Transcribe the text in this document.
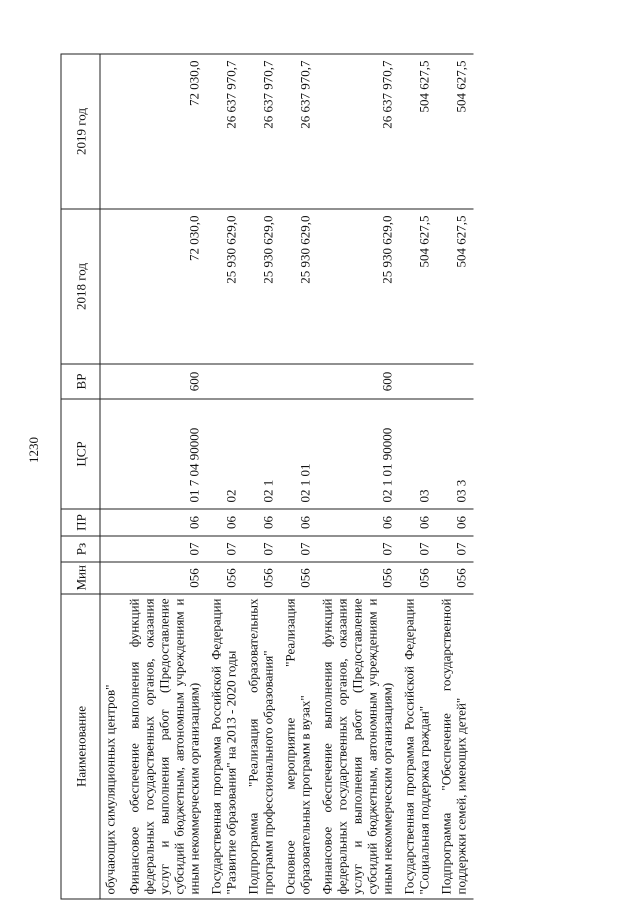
1230
Наименование	Мин	Рз	ПР	ЦСР	ВР	2018 год	2019 год
обучающих симуляционных центров"							
Финансовое обеспечение выполнения функций федеральных государственных органов, оказания услуг и выполнения работ (Предоставление субсидий бюджетным, автономным учреждениям и иным некоммерческим организациям)	056	07	06	01 7 04 90000	600	72 030,0	72 030,0
Государственная программа Российской Федерации "Развитие образования" на 2013 - 2020 годы	056	07	06	02		25 930 629,0	26 637 970,7
Подпрограмма "Реализация образовательных программ профессионального образования"	056	07	06	02 1		25 930 629,0	26 637 970,7
Основное мероприятие "Реализация образовательных программ в вузах"	056	07	06	02 1 01		25 930 629,0	26 637 970,7
Финансовое обеспечение выполнения функций федеральных государственных органов, оказания услуг и выполнения работ (Предоставление субсидий бюджетным, автономным учреждениям и иным некоммерческим организациям)	056	07	06	02 1 01 90000	600	25 930 629,0	26 637 970,7
Государственная программа Российской Федерации "Социальная поддержка граждан"	056	07	06	03		504 627,5	504 627,5
Подпрограмма "Обеспечение государственной поддержки семей, имеющих детей"	056	07	06	03 3		504 627,5	504 627,5
